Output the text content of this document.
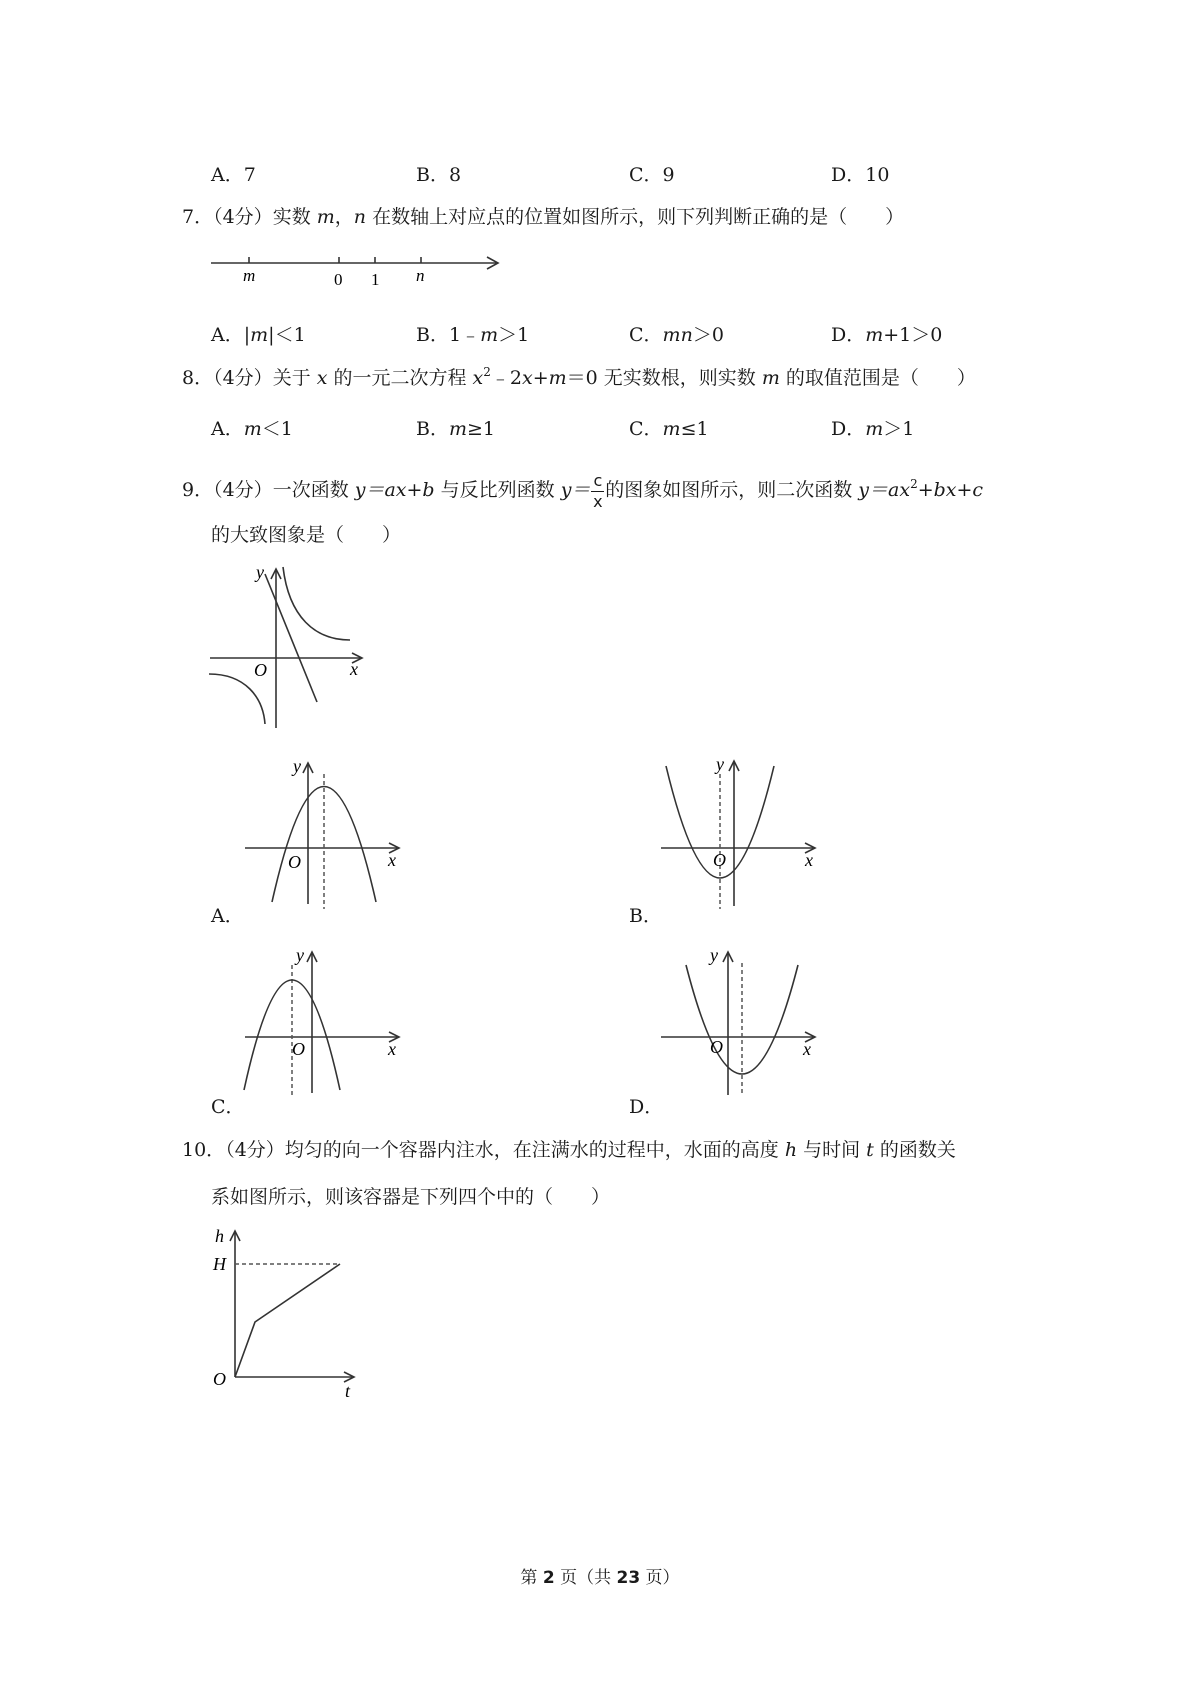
A．7	B．8	C．9	D．10
7．（4分）实数 m，n 在数轴上对应点的位置如图所示，则下列判断正确的是（　　）
m	0 1 n
A．|m|＜1	B．1﹣m＞1	C．mn＞0	D．m+1＞0
8．（4分）关于 x 的一元二次方程 $x^2﹣2x+m=0$ 无实数根，则实数 m 的取值范围是（　　）
A．m＜1	B．m≥1	C．m≤1	D．m＞1
9．（4分）一次函数 y＝ax+b 与反比列函数 $y= \frac{c}{x}$ 的图象如图所示，则二次函数 $y=ax^2+bx+c$
的大致图象是（　　）
y
x
O
y
x
O
A．
y
x
O
B．
y
x
O
C．
y
x
O
D．
10．（4分）均匀的向一个容器内注水，在注满水的过程中，水面的高度 h 与时间 t 的函数关
系如图所示，则该容器是下列四个中的（　　）
h
H
O
t
第 2 页（共 23 页）
